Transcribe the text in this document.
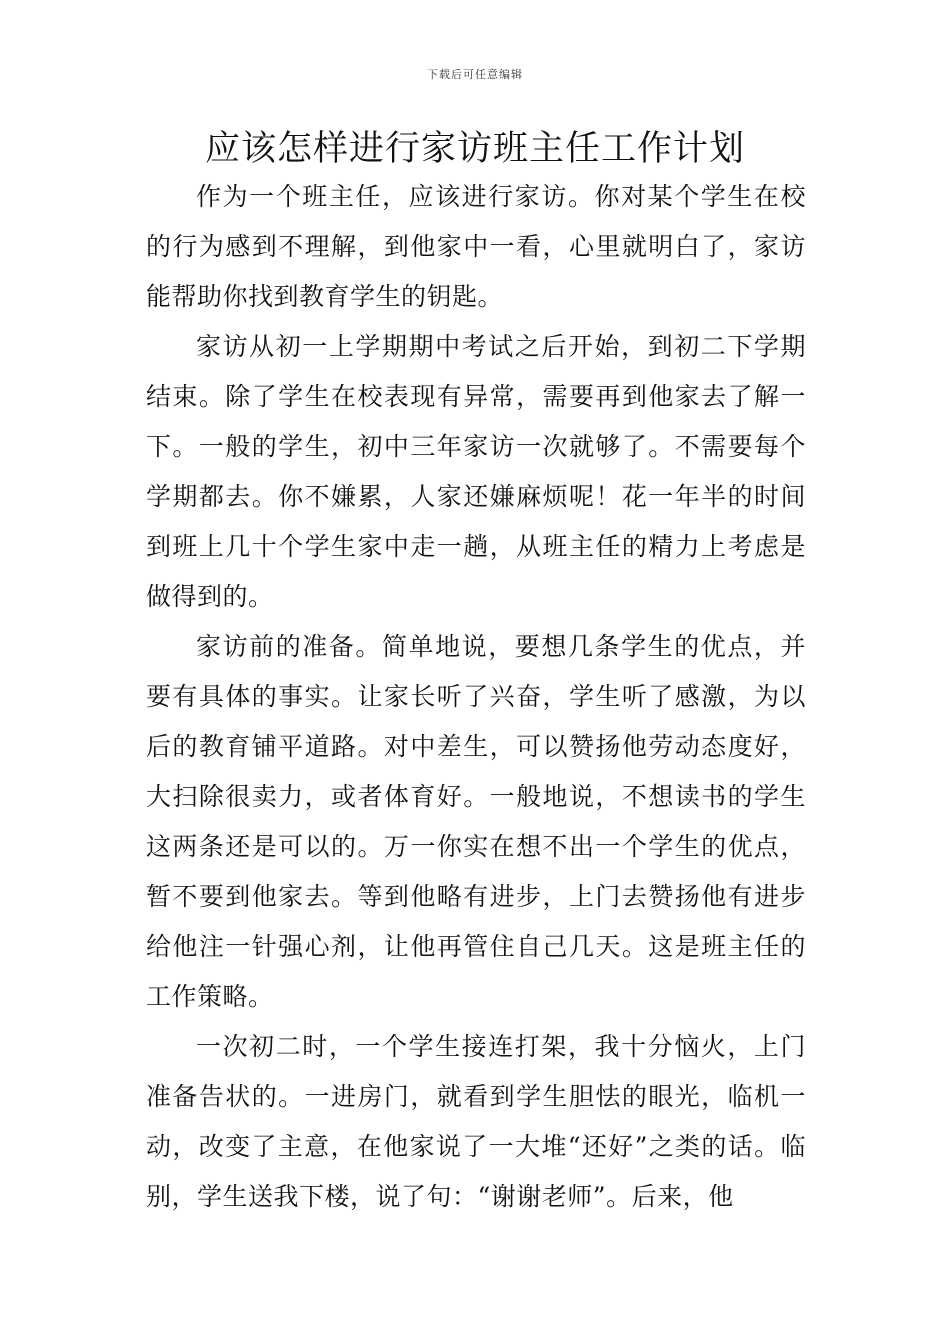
下载后可任意编辑
应该怎样进行家访班主任工作计划

作为一个班主任，应该进行家访。你对某个学生在校的行为感到不理解，到他家中一看，心里就明白了，家访能帮助你找到教育学生的钥匙。

家访从初一上学期期中考试之后开始，到初二下学期结束。除了学生在校表现有异常，需要再到他家去了解一下。一般的学生，初中三年家访一次就够了。不需要每个学期都去。你不嫌累，人家还嫌麻烦呢！花一年半的时间到班上几十个学生家中走一趟，从班主任的精力上考虑是做得到的。

家访前的准备。简单地说，要想几条学生的优点，并要有具体的事实。让家长听了兴奋，学生听了感激，为以后的教育铺平道路。对中差生，可以赞扬他劳动态度好，大扫除很卖力，或者体育好。一般地说，不想读书的学生这两条还是可以的。万一你实在想不出一个学生的优点，暂不要到他家去。等到他略有进步，上门去赞扬他有进步给他注一针强心剂，让他再管住自己几天。这是班主任的工作策略。

一次初二时，一个学生接连打架，我十分恼火，上门准备告状的。一进房门，就看到学生胆怯的眼光，临机一动，改变了主意，在他家说了一大堆“还好”之类的话。临别，学生送我下楼，说了句：“谢谢老师”。后来，他
